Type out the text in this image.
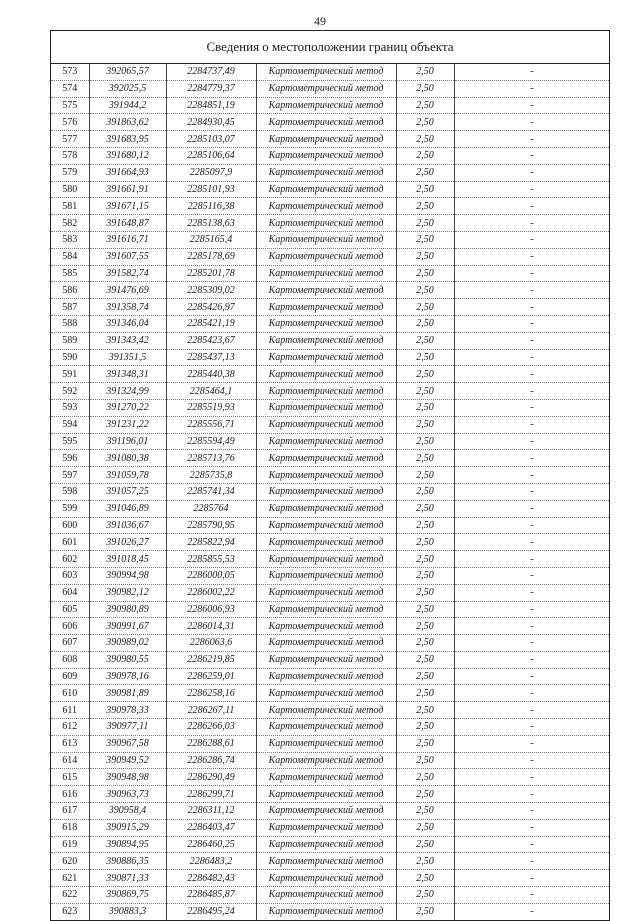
49
Сведения о местоположении границ объекта
573	392065,57	2284737,49	Картометрический метод	2,50	-
574	392025,5	2284779,37	Картометрический метод	2,50	-
575	391944,2	2284851,19	Картометрический метод	2,50	-
576	391863,62	2284930,45	Картометрический метод	2,50	-
577	391683,95	2285103,07	Картометрический метод	2,50	-
578	391680,12	2285106,64	Картометрический метод	2,50	-
579	391664,93	2285097,9	Картометрический метод	2,50	-
580	391661,91	2285101,93	Картометрический метод	2,50	-
581	391671,15	2285116,38	Картометрический метод	2,50	-
582	391648,87	2285138,63	Картометрический метод	2,50	-
583	391616,71	2285165,4	Картометрический метод	2,50	-
584	391607,55	2285178,69	Картометрический метод	2,50	-
585	391582,74	2285201,78	Картометрический метод	2,50	-
586	391476,69	2285309,02	Картометрический метод	2,50	-
587	391358,74	2285426,97	Картометрический метод	2,50	-
588	391346,04	2285421,19	Картометрический метод	2,50	-
589	391343,42	2285423,67	Картометрический метод	2,50	-
590	391351,5	2285437,13	Картометрический метод	2,50	-
591	391348,31	2285440,38	Картометрический метод	2,50	-
592	391324,99	2285464,1	Картометрический метод	2,50	-
593	391270,22	2285519,93	Картометрический метод	2,50	-
594	391231,22	2285556,71	Картометрический метод	2,50	-
595	391196,01	2285594,49	Картометрический метод	2,50	-
596	391080,38	2285713,76	Картометрический метод	2,50	-
597	391059,78	2285735,8	Картометрический метод	2,50	-
598	391057,25	2285741,34	Картометрический метод	2,50	-
599	391046,89	2285764	Картометрический метод	2,50	-
600	391036,67	2285790,95	Картометрический метод	2,50	-
601	391026,27	2285822,94	Картометрический метод	2,50	-
602	391018,45	2285855,53	Картометрический метод	2,50	-
603	390994,98	2286000,05	Картометрический метод	2,50	-
604	390982,12	2286002,22	Картометрический метод	2,50	-
605	390980,89	2286006,93	Картометрический метод	2,50	-
606	390991,67	2286014,31	Картометрический метод	2,50	-
607	390989,02	2286063,6	Картометрический метод	2,50	-
608	390980,55	2286219,85	Картометрический метод	2,50	-
609	390978,16	2286259,01	Картометрический метод	2,50	-
610	390981,89	2286258,16	Картометрический метод	2,50	-
611	390978,33	2286267,11	Картометрический метод	2,50	-
612	390977,11	2286266,03	Картометрический метод	2,50	-
613	390967,58	2286288,61	Картометрический метод	2,50	-
614	390949,52	2286286,74	Картометрический метод	2,50	-
615	390948,98	2286290,49	Картометрический метод	2,50	-
616	390963,73	2286299,71	Картометрический метод	2,50	-
617	390958,4	2286311,12	Картометрический метод	2,50	-
618	390915,29	2286403,47	Картометрический метод	2,50	-
619	390894,95	2286460,25	Картометрический метод	2,50	-
620	390886,35	2286483,2	Картометрический метод	2,50	-
621	390871,33	2286482,43	Картометрический метод	2,50	-
622	390869,75	2286485,87	Картометрический метод	2,50	-
623	390883,3	2286495,24	Картометрический метод	2,50	-
